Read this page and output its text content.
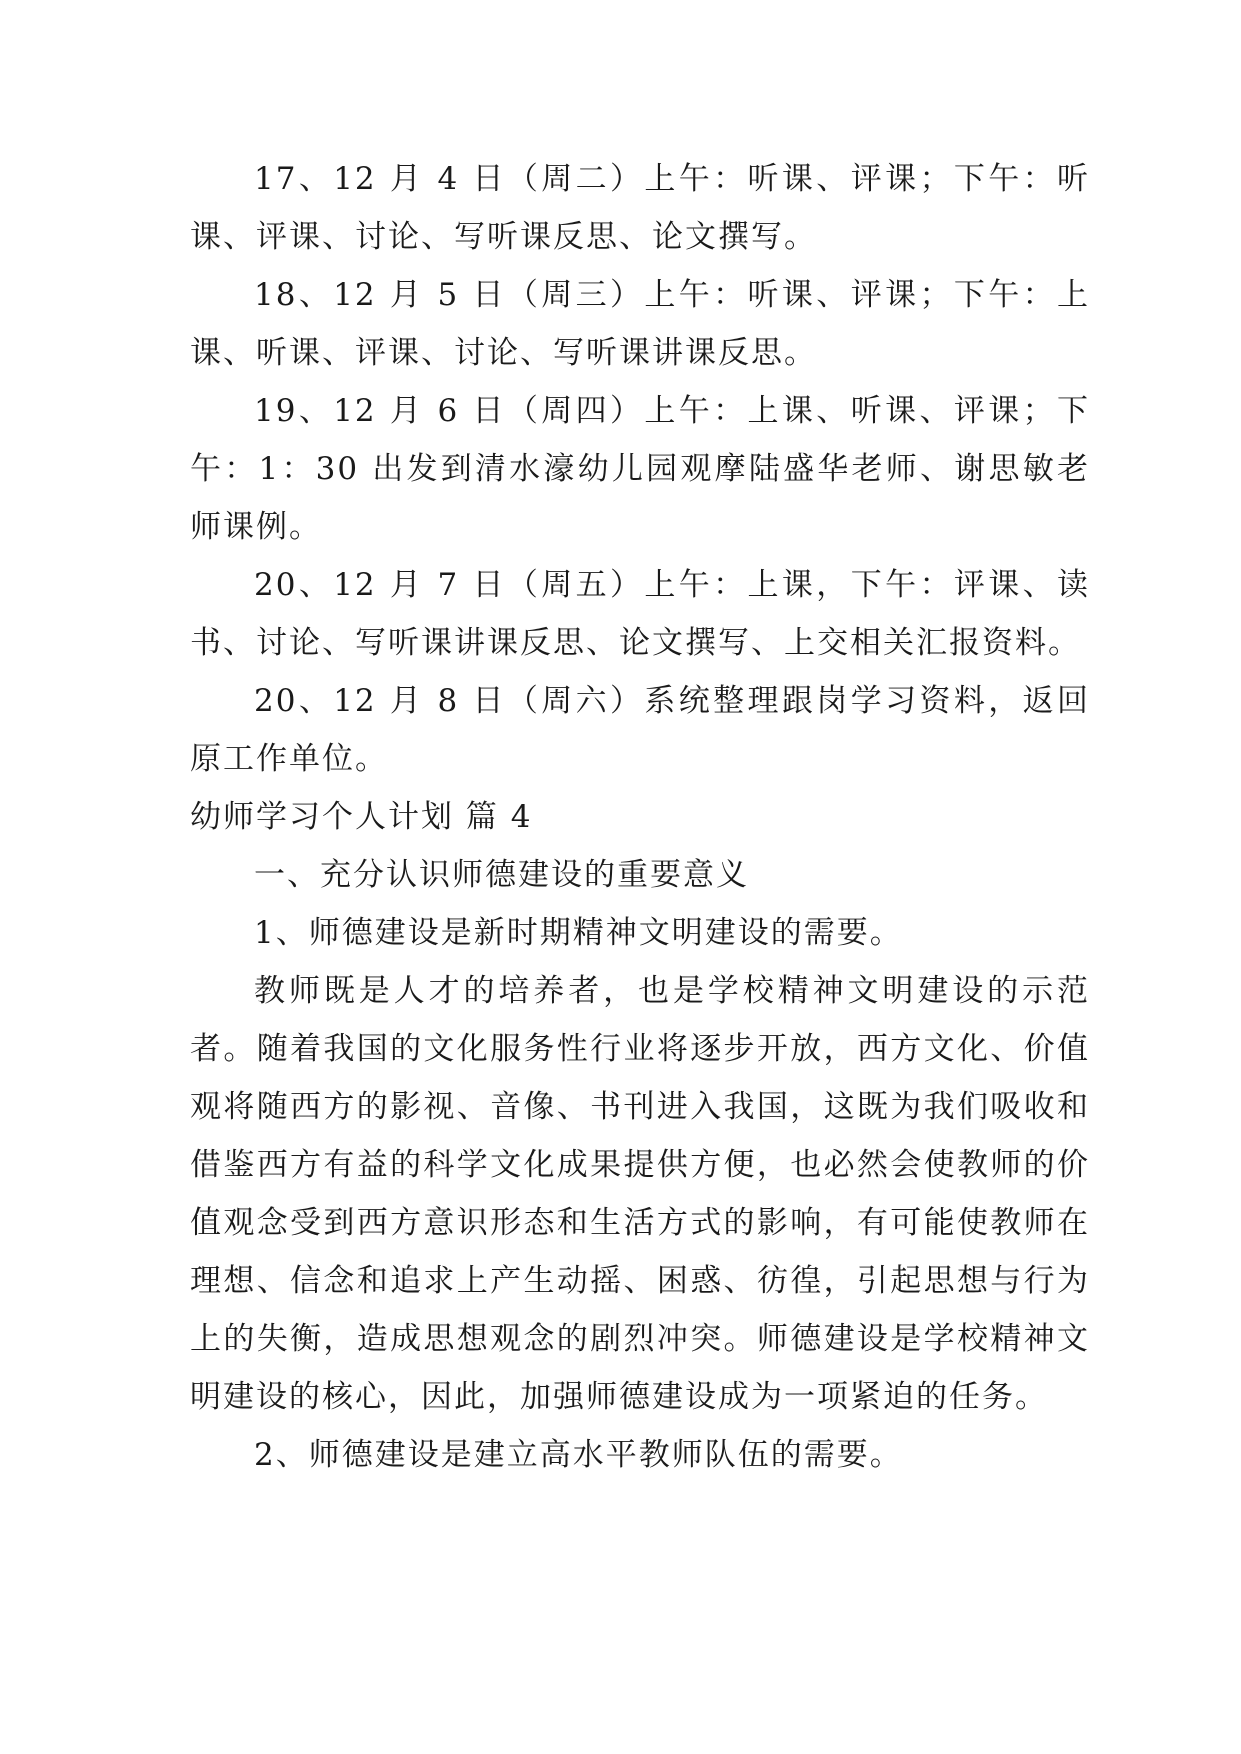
17、12 月 4 日（周二）上午：听课、评课；下午：听课、评课、讨论、写听课反思、论文撰写。

18、12 月 5 日（周三）上午：听课、评课；下午：上课、听课、评课、讨论、写听课讲课反思。

19、12 月 6 日（周四）上午：上课、听课、评课；下午：1：30 出发到清水濠幼儿园观摩陆盛华老师、谢思敏老师课例。

20、12 月 7 日（周五）上午：上课，下午：评课、读书、讨论、写听课讲课反思、论文撰写、上交相关汇报资料。

20、12 月 8 日（周六）系统整理跟岗学习资料，返回原工作单位。

幼师学习个人计划 篇 4

一、充分认识师德建设的重要意义

1、师德建设是新时期精神文明建设的需要。

教师既是人才的培养者，也是学校精神文明建设的示范者。随着我国的文化服务性行业将逐步开放，西方文化、价值观将随西方的影视、音像、书刊进入我国，这既为我们吸收和借鉴西方有益的科学文化成果提供方便，也必然会使教师的价值观念受到西方意识形态和生活方式的影响，有可能使教师在理想、信念和追求上产生动摇、困惑、彷徨，引起思想与行为上的失衡，造成思想观念的剧烈冲突。师德建设是学校精神文明建设的核心，因此，加强师德建设成为一项紧迫的任务。

2、师德建设是建立高水平教师队伍的需要。
